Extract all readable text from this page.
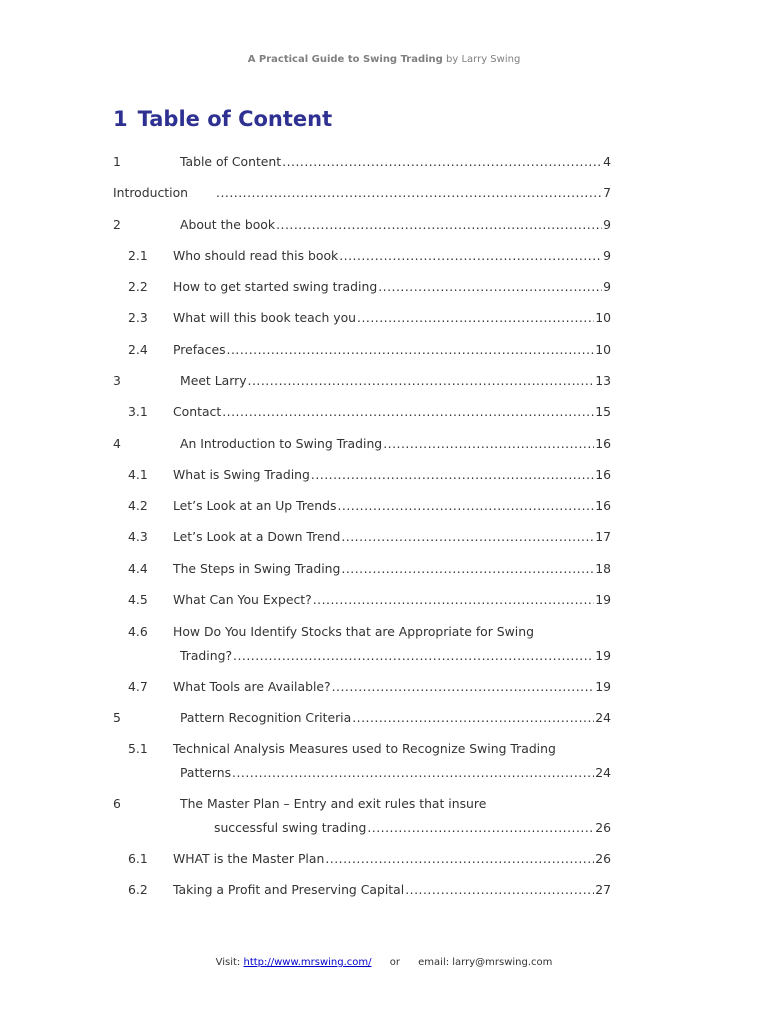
A Practical Guide to Swing Trading by Larry Swing
1 Table of Content
1	Table of Content .....	4
Introduction .....	7
2	About the book .....	9
2.1	Who should read this book .....	9
2.2	How to get started swing trading .....	9
2.3	What will this book teach you .....	10
2.4	Prefaces .....	10
3	Meet Larry .....	13
3.1	Contact .....	15
4	An Introduction to Swing Trading .....	16
4.1	What is Swing Trading .....	16
4.2	Let’s Look at an Up Trends .....	16
4.3	Let’s Look at a Down Trend .....	17
4.4	The Steps in Swing Trading .....	18
4.5	What Can You Expect? .....	19
4.6 How Do You Identify Stocks that are Appropriate for Swing
Trading? .....	19
4.7	What Tools are Available? .....	19
5	Pattern Recognition Criteria .....	24
5.1 Technical Analysis Measures used to Recognize Swing Trading
Patterns .....	24
6	The Master Plan – Entry and exit rules that insure
successful swing trading .....	26
6.1	WHAT is the Master Plan .....	26
6.2	Taking a Profit and Preserving Capital .....	27
Visit: http://www.mrswing.com/ or email: larry@mrswing.com
